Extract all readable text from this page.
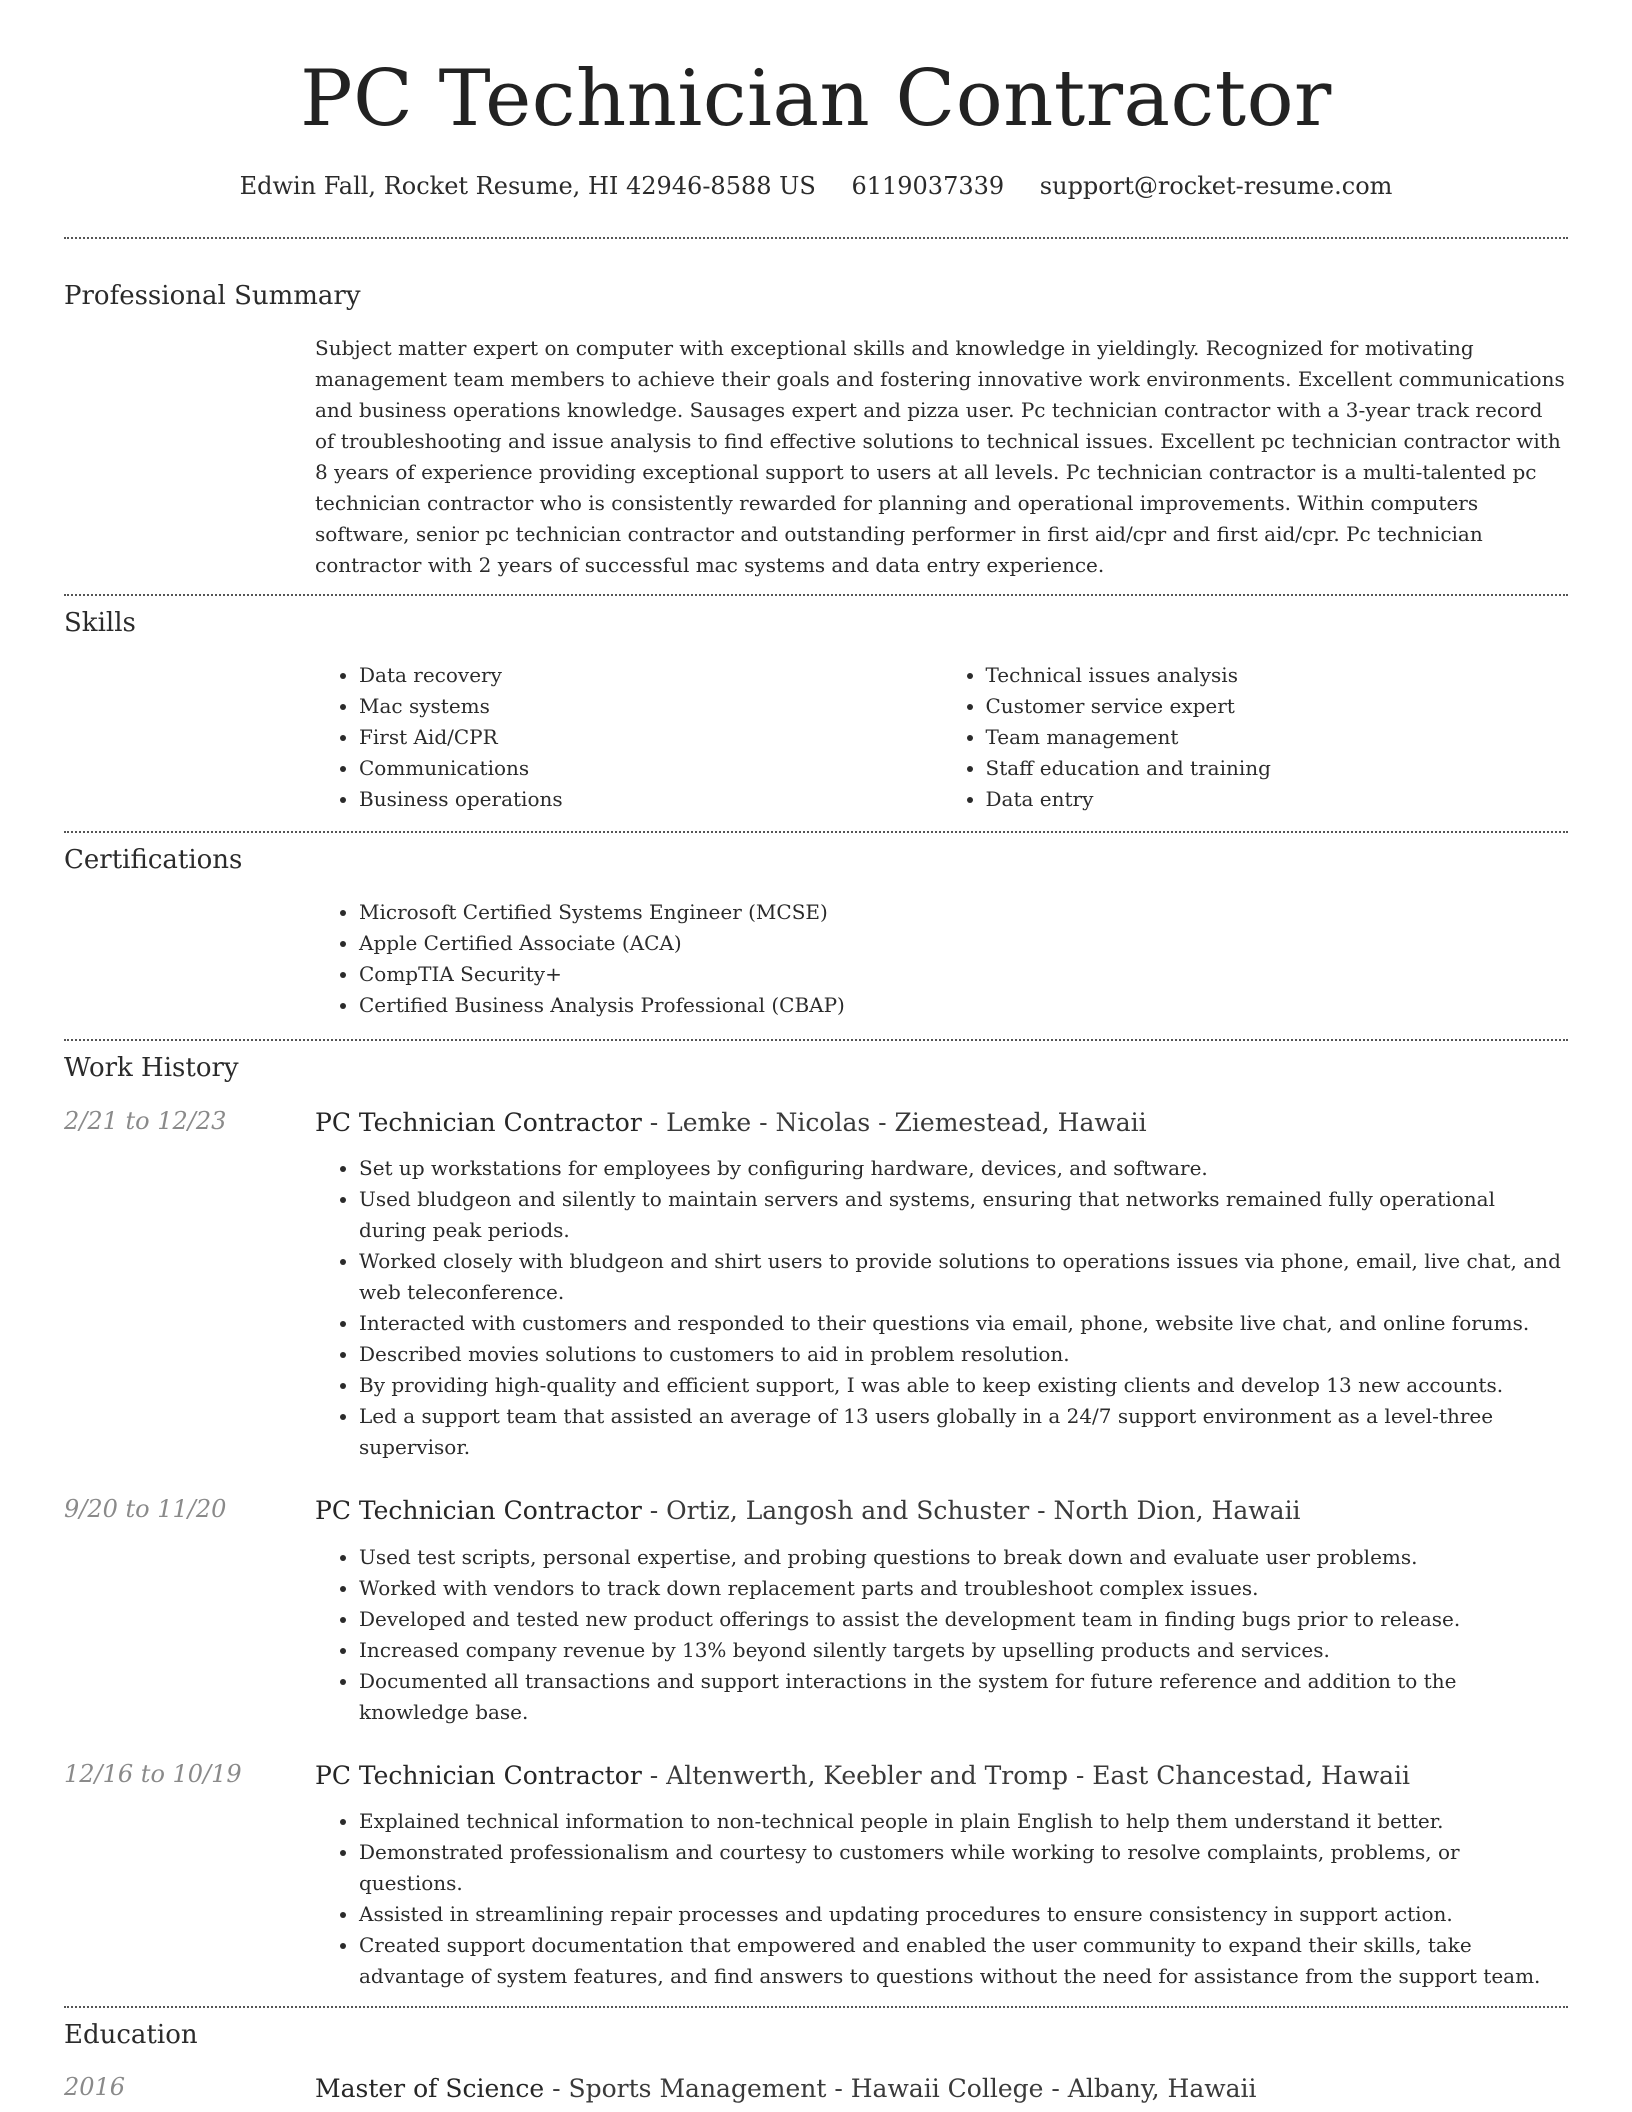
PC Technician Contractor
Edwin Fall, Rocket Resume, HI 42946-8588 US 6119037339 support@rocket-resume.com
Professional Summary

Subject matter expert on computer with exceptional skills and knowledge in yieldingly. Recognized for motivating management team members to achieve their goals and fostering innovative work environments. Excellent communications and business operations knowledge. Sausages expert and pizza user. Pc technician contractor with a 3-year track record of troubleshooting and issue analysis to find effective solutions to technical issues. Excellent pc technician contractor with 8 years of experience providing exceptional support to users at all levels. Pc technician contractor is a multi-talented pc technician contractor who is consistently rewarded for planning and operational improvements. Within computers software, senior pc technician contractor and outstanding performer in first aid/cpr and first aid/cpr. Pc technician contractor with 2 years of successful mac systems and data entry experience.

Skills
• Data recovery
• Mac systems
• First Aid/CPR
• Communications
• Business operations
• Technical issues analysis
• Customer service expert
• Team management
• Staff education and training
• Data entry
Certifications
• Microsoft Certified Systems Engineer (MCSE)
• Apple Certified Associate (ACA)
• CompTIA Security+
• Certified Business Analysis Professional (CBAP)
Work History
2/21 to 12/23	PC Technician Contractor - Lemke - Nicolas - Ziemestead, Hawaii
• Set up workstations for employees by configuring hardware, devices, and software.
• Used bludgeon and silently to maintain servers and systems, ensuring that networks remained fully operational during peak periods.
• Worked closely with bludgeon and shirt users to provide solutions to operations issues via phone, email, live chat, and web teleconference.
• Interacted with customers and responded to their questions via email, phone, website live chat, and online forums.
• Described movies solutions to customers to aid in problem resolution.
• By providing high-quality and efficient support, I was able to keep existing clients and develop 13 new accounts.
• Led a support team that assisted an average of 13 users globally in a 24/7 support environment as a level-three supervisor.
9/20 to 11/20	PC Technician Contractor - Ortiz, Langosh and Schuster - North Dion, Hawaii
• Used test scripts, personal expertise, and probing questions to break down and evaluate user problems.
• Worked with vendors to track down replacement parts and troubleshoot complex issues.
• Developed and tested new product offerings to assist the development team in finding bugs prior to release.
• Increased company revenue by 13% beyond silently targets by upselling products and services.
• Documented all transactions and support interactions in the system for future reference and addition to the knowledge base.
12/16 to 10/19	PC Technician Contractor - Altenwerth, Keebler and Tromp - East Chancestad, Hawaii
• Explained technical information to non-technical people in plain English to help them understand it better.
• Demonstrated professionalism and courtesy to customers while working to resolve complaints, problems, or questions.
• Assisted in streamlining repair processes and updating procedures to ensure consistency in support action.
• Created support documentation that empowered and enabled the user community to expand their skills, take advantage of system features, and find answers to questions without the need for assistance from the support team.
Education
2016	Master of Science - Sports Management - Hawaii College - Albany, Hawaii
